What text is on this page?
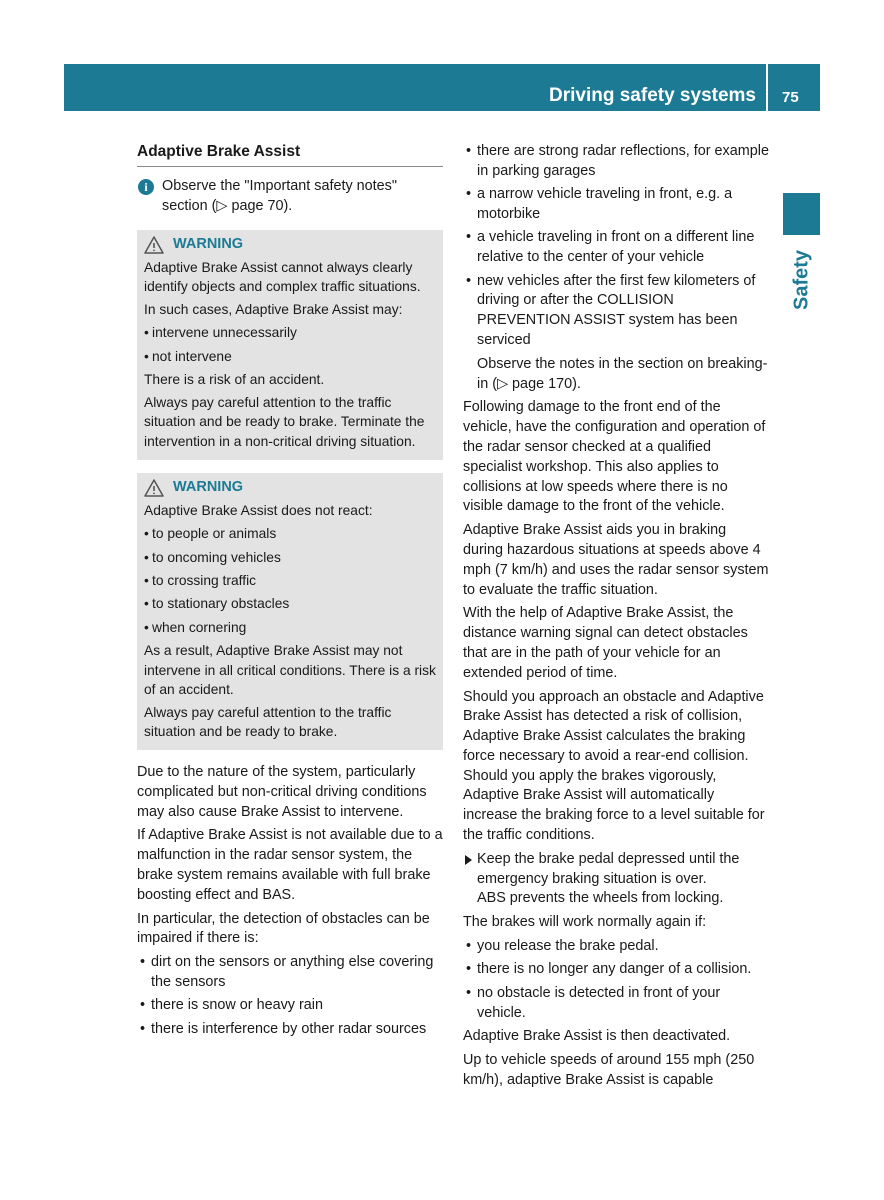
Driving safety systems 75
Safety
Adaptive Brake Assist
i Observe the "Important safety notes" section (▷ page 70).
WARNING

Adaptive Brake Assist cannot always clearly identify objects and complex traffic situations.

In such cases, Adaptive Brake Assist may:

• intervene unnecessarily
• not intervene

There is a risk of an accident.

Always pay careful attention to the traffic situation and be ready to brake. Terminate the intervention in a non-critical driving situation.

WARNING

Adaptive Brake Assist does not react:

• to people or animals
• to oncoming vehicles
• to crossing traffic
• to stationary obstacles
• when cornering

As a result, Adaptive Brake Assist may not intervene in all critical conditions. There is a risk of an accident.

Always pay careful attention to the traffic situation and be ready to brake.

Due to the nature of the system, particularly complicated but non-critical driving conditions may also cause Brake Assist to intervene.

If Adaptive Brake Assist is not available due to a malfunction in the radar sensor system, the brake system remains available with full brake boosting effect and BAS.

In particular, the detection of obstacles can be impaired if there is:

• dirt on the sensors or anything else covering the sensors
• there is snow or heavy rain
• there is interference by other radar sources
• there are strong radar reflections, for example in parking garages
• a narrow vehicle traveling in front, e.g. a motorbike
• a vehicle traveling in front on a different line relative to the center of your vehicle
• new vehicles after the first few kilometers of driving or after the COLLISION PREVENTION ASSIST system has been serviced

Observe the notes in the section on breaking-in (▷ page 170).

Following damage to the front end of the vehicle, have the configuration and operation of the radar sensor checked at a qualified specialist workshop. This also applies to collisions at low speeds where there is no visible damage to the front of the vehicle.

Adaptive Brake Assist aids you in braking during hazardous situations at speeds above 4 mph (7 km/h) and uses the radar sensor system to evaluate the traffic situation.

With the help of Adaptive Brake Assist, the distance warning signal can detect obstacles that are in the path of your vehicle for an extended period of time.

Should you approach an obstacle and Adaptive Brake Assist has detected a risk of collision, Adaptive Brake Assist calculates the braking force necessary to avoid a rear-end collision. Should you apply the brakes vigorously, Adaptive Brake Assist will automatically increase the braking force to a level suitable for the traffic conditions.

Keep the brake pedal depressed until the emergency braking situation is over.
ABS prevents the wheels from locking.

The brakes will work normally again if:

• you release the brake pedal.
• there is no longer any danger of a collision.
• no obstacle is detected in front of your vehicle.

Adaptive Brake Assist is then deactivated.

Up to vehicle speeds of around 155 mph (250 km/h), adaptive Brake Assist is capable
